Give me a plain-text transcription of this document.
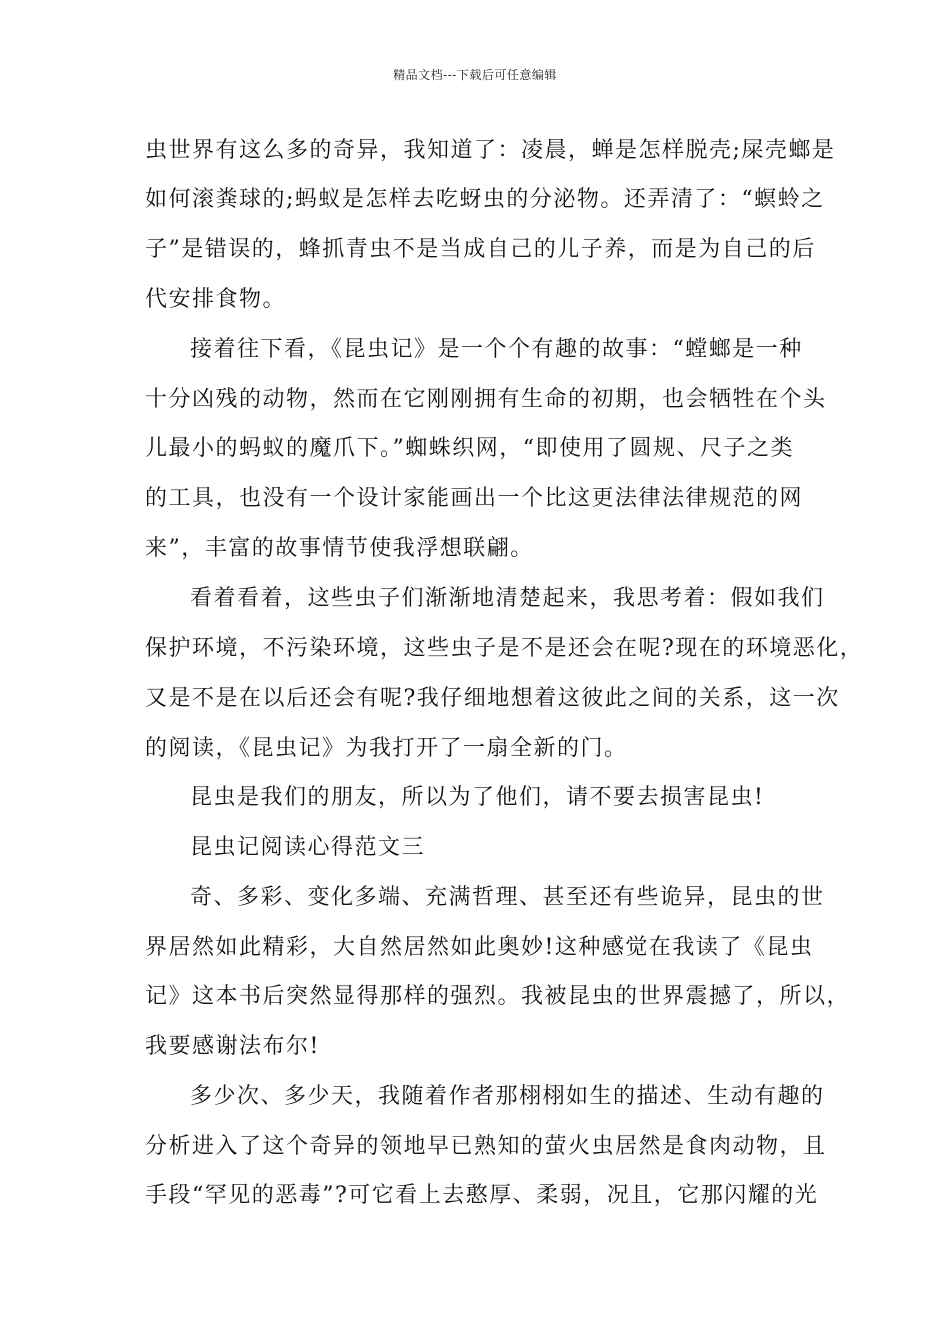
精品文档---下载后可任意编辑
虫世界有这么多的奇异，我知道了：凌晨，蝉是怎样脱壳;屎壳螂是
如何滚粪球的;蚂蚁是怎样去吃蚜虫的分泌物。还弄清了：“螟蛉之
子”是错误的，蜂抓青虫不是当成自己的儿子养，而是为自己的后
代安排食物。
接着往下看，《昆虫记》是一个个有趣的故事：“螳螂是一种
十分凶残的动物，然而在它刚刚拥有生命的初期，也会牺牲在个头
儿最小的蚂蚁的魔爪下。”蜘蛛织网，“即使用了圆规、尺子之类
的工具，也没有一个设计家能画出一个比这更法律法律规范的网
来”，丰富的故事情节使我浮想联翩。
看着看着，这些虫子们渐渐地清楚起来，我思考着：假如我们
保护环境，不污染环境，这些虫子是不是还会在呢?现在的环境恶化，
又是不是在以后还会有呢?我仔细地想着这彼此之间的关系，这一次
的阅读，《昆虫记》为我打开了一扇全新的门。
昆虫是我们的朋友，所以为了他们，请不要去损害昆虫!
昆虫记阅读心得范文三
奇、多彩、变化多端、充满哲理、甚至还有些诡异，昆虫的世
界居然如此精彩，大自然居然如此奥妙!这种感觉在我读了《昆虫
记》这本书后突然显得那样的强烈。我被昆虫的世界震撼了，所以，
我要感谢法布尔!
多少次、多少天，我随着作者那栩栩如生的描述、生动有趣的
分析进入了这个奇异的领地早已熟知的萤火虫居然是食肉动物，且
手段“罕见的恶毒”?可它看上去憨厚、柔弱，况且，它那闪耀的光
